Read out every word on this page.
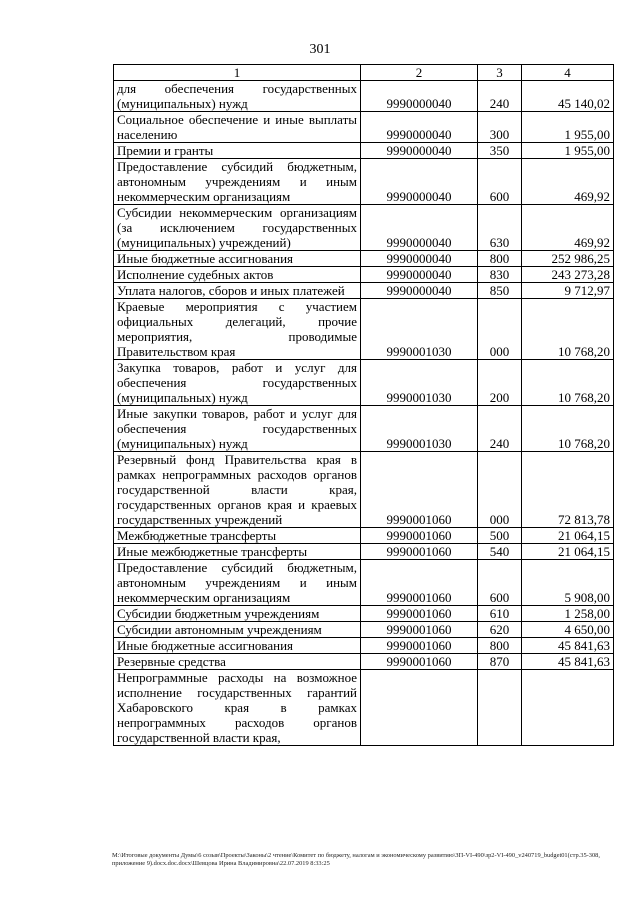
301
1	2	3	4
для обеспечения государственных (муниципальных) нужд	9990000040	240	45 140,02
Социальное обеспечение и иные выплаты населению	9990000040	300	1 955,00
Премии и гранты	9990000040	350	1 955,00
Предоставление субсидий бюджетным, автономным учреждениям и иным некоммерческим организациям	9990000040	600	469,92
Субсидии некоммерческим организациям (за исключением государственных (муниципальных) учреждений)	9990000040	630	469,92
Иные бюджетные ассигнования	9990000040	800	252 986,25
Исполнение судебных актов	9990000040	830	243 273,28
Уплата налогов, сборов и иных платежей	9990000040	850	9 712,97
Краевые мероприятия с участием официальных делегаций, прочие мероприятия, проводимые Правительством края	9990001030	000	10 768,20
Закупка товаров, работ и услуг для обеспечения государственных (муниципальных) нужд	9990001030	200	10 768,20
Иные закупки товаров, работ и услуг для обеспечения государственных (муниципальных) нужд	9990001030	240	10 768,20
Резервный фонд Правительства края в рамках непрограммных расходов органов государственной власти края, государственных органов края и краевых государственных учреждений	9990001060	000	72 813,78
Межбюджетные трансферты	9990001060	500	21 064,15
Иные межбюджетные трансферты	9990001060	540	21 064,15
Предоставление субсидий бюджетным, автономным учреждениям и иным некоммерческим организациям	9990001060	600	5 908,00
Субсидии бюджетным учреждениям	9990001060	610	1 258,00
Субсидии автономным учреждениям	9990001060	620	4 650,00
Иные бюджетные ассигнования	9990001060	800	45 841,63
Резервные средства	9990001060	870	45 841,63
Непрограммные расходы на возможное исполнение государственных гарантий Хабаровского края в рамках непрограммных расходов органов государственной власти края,			
М:\Итоговые документы Думы\6 созыв\Проекты\Законы\2 чтение\Комитет по бюджету, налогам и экономическому развитию\ЗП-VI-490\зр2-VI-490_v240719_budget01(стр.35-308, приложение 9).docx.doc.docx\Шевцова Ирина Владимировна\22.07.2019 8:33:25
